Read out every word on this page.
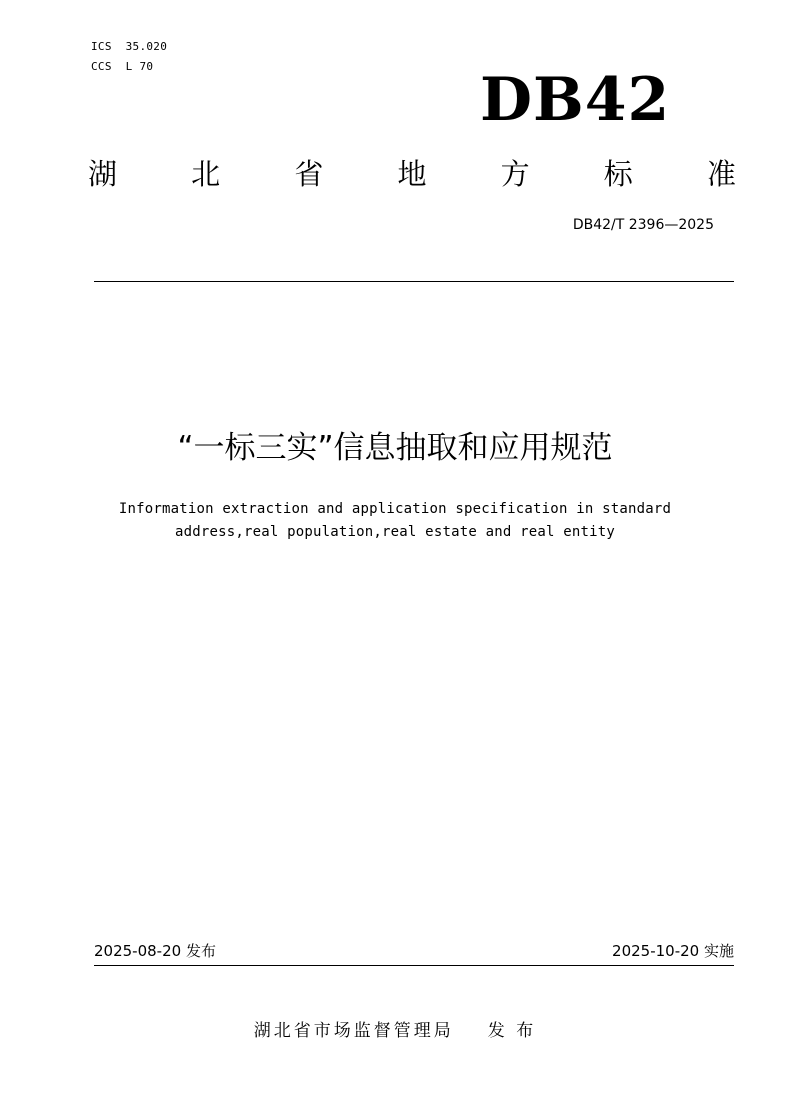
ICS  35.020
CCS  L 70	DB42
湖	北	省	地	方	标	准
DB42/T 2396—2025
“一标三实”信息抽取和应用规范
Information extraction and application specification in standard
address,real population,real estate and real entity
2025-08-20 发布	2025-10-20 实施
湖北省市场监督管理局 发 布
